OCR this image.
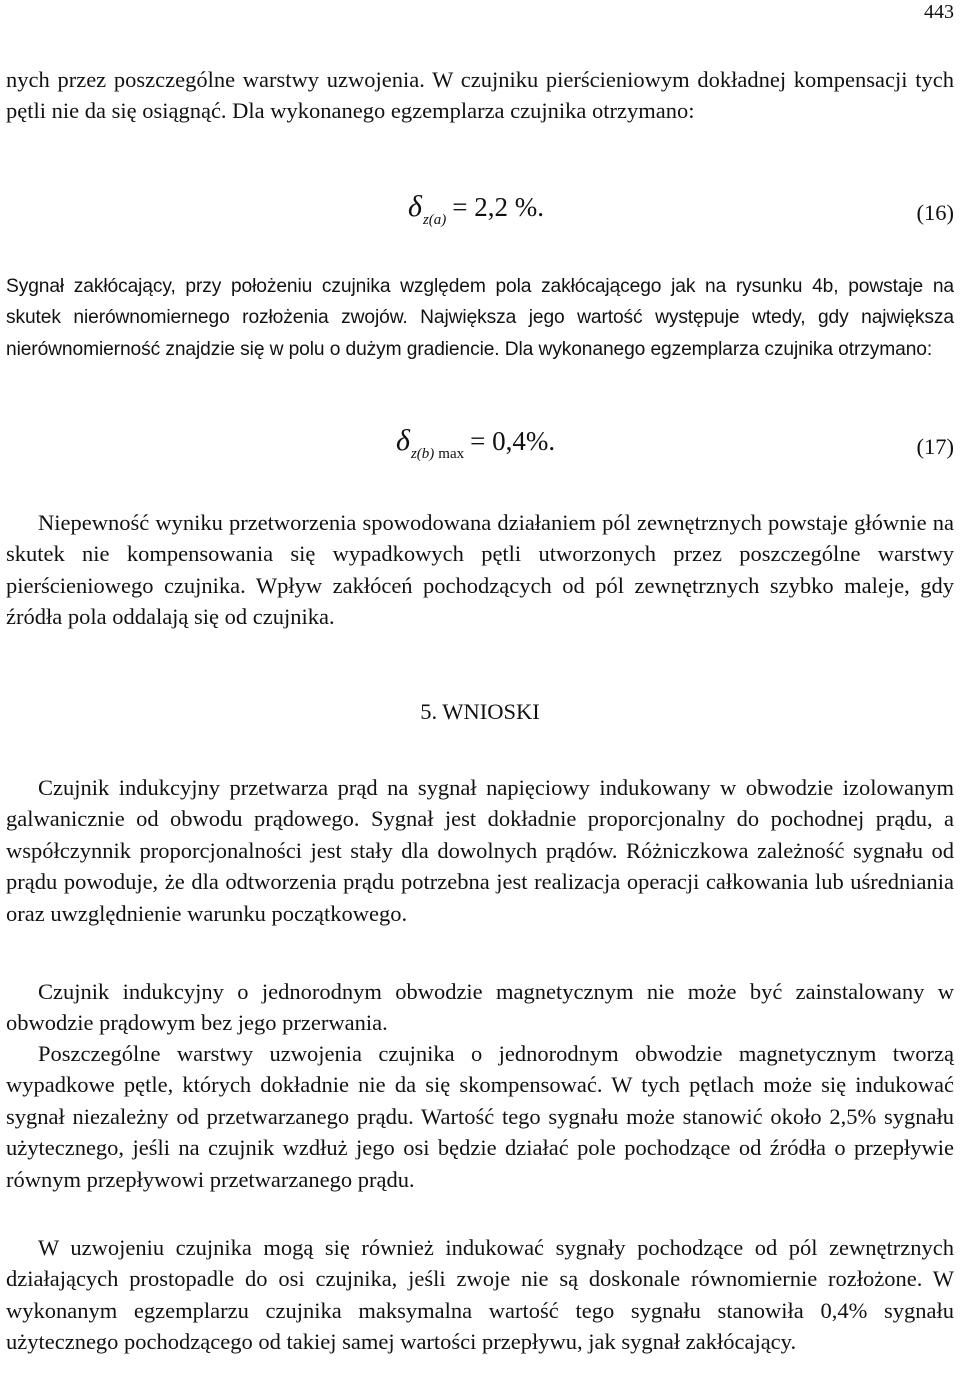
443

nych przez poszczególne warstwy uzwojenia. W czujniku pierścieniowym dokładnej kompensacji tych pętli nie da się osiągnąć. Dla wykonanego egzemplarza czujnika otrzymano:

δz(a) = 2,2 %.	(16)

Sygnał zakłócający, przy położeniu czujnika względem pola zakłócającego jak na rysunku 4b, powstaje na skutek nierównomiernego rozłożenia zwojów. Największa jego wartość występuje wtedy, gdy największa nierównomierność znajdzie się w polu o dużym gradiencie. Dla wykonanego egzemplarza czujnika otrzymano:

δz(b) max = 0,4%.	(17)

Niepewność wyniku przetworzenia spowodowana działaniem pól zewnętrznych powstaje głównie na skutek nie kompensowania się wypadkowych pętli utworzonych przez poszczególne warstwy pierścieniowego czujnika. Wpływ zakłóceń pochodzących od pól zewnętrznych szybko maleje, gdy źródła pola oddalają się od czujnika.

5. WNIOSKI

Czujnik indukcyjny przetwarza prąd na sygnał napięciowy indukowany w obwodzie izolowanym galwanicznie od obwodu prądowego. Sygnał jest dokładnie proporcjonalny do pochodnej prądu, a współczynnik proporcjonalności jest stały dla dowolnych prądów. Różniczkowa zależność sygnału od prądu powoduje, że dla odtworzenia prądu potrzebna jest realizacja operacji całkowania lub uśredniania oraz uwzględnienie warunku początkowego.

Czujnik indukcyjny o jednorodnym obwodzie magnetycznym nie może być zainstalowany w obwodzie prądowym bez jego przerwania.

Poszczególne warstwy uzwojenia czujnika o jednorodnym obwodzie magnetycznym tworzą wypadkowe pętle, których dokładnie nie da się skompensować. W tych pętlach może się indukować sygnał niezależny od przetwarzanego prądu. Wartość tego sygnału może stanowić około 2,5% sygnału użytecznego, jeśli na czujnik wzdłuż jego osi będzie działać pole pochodzące od źródła o przepływie równym przepływowi przetwarzanego prądu.

W uzwojeniu czujnika mogą się również indukować sygnały pochodzące od pól zewnętrznych działających prostopadle do osi czujnika, jeśli zwoje nie są doskonale równomiernie rozłożone. W wykonanym egzemplarzu czujnika maksymalna wartość tego sygnału stanowiła 0,4% sygnału użytecznego pochodzącego od takiej samej wartości przepływu, jak sygnał zakłócający.
